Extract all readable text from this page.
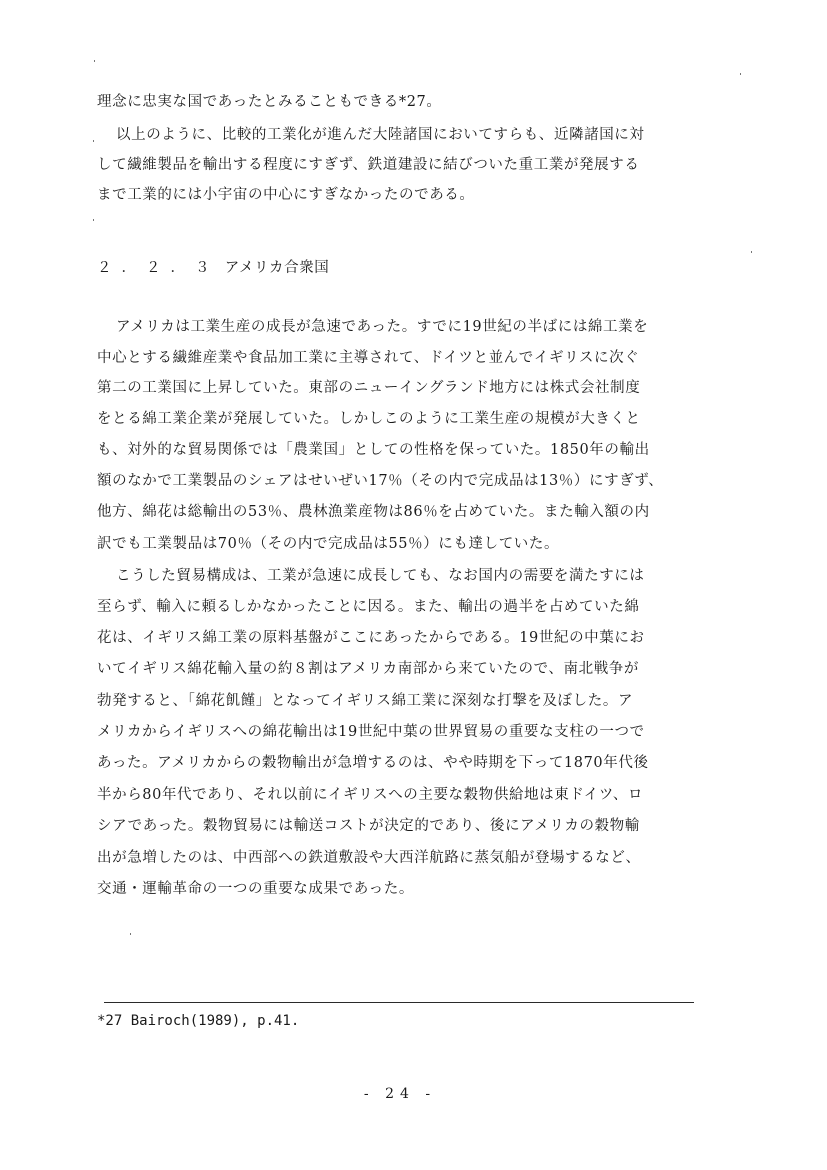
理念に忠実な国であったとみることもできる*27。
以上のように、比較的工業化が進んだ大陸諸国においてすらも、近隣諸国に対
して繊維製品を輸出する程度にすぎず、鉄道建設に結びついた重工業が発展する
まで工業的には小宇宙の中心にすぎなかったのである。
２．２．３ アメリカ合衆国
アメリカは工業生産の成長が急速であった。すでに19世紀の半ばには綿工業を
中心とする繊維産業や食品加工業に主導されて、ドイツと並んでイギリスに次ぐ
第二の工業国に上昇していた。東部のニューイングランド地方には株式会社制度
をとる綿工業企業が発展していた。しかしこのように工業生産の規模が大きくと
も、対外的な貿易関係では「農業国」としての性格を保っていた。1850年の輸出
額のなかで工業製品のシェアはせいぜい17％（その内で完成品は13％）にすぎず、
他方、綿花は総輸出の53％、農林漁業産物は86％を占めていた。また輸入額の内
訳でも工業製品は70％（その内で完成品は55％）にも達していた。
こうした貿易構成は、工業が急速に成長しても、なお国内の需要を満たすには
至らず、輸入に頼るしかなかったことに因る。また、輸出の過半を占めていた綿
花は、イギリス綿工業の原料基盤がここにあったからである。19世紀の中葉にお
いてイギリス綿花輸入量の約８割はアメリカ南部から来ていたので、南北戦争が
勃発すると、「綿花飢饉」となってイギリス綿工業に深刻な打撃を及ぼした。ア
メリカからイギリスへの綿花輸出は19世紀中葉の世界貿易の重要な支柱の一つで
あった。アメリカからの穀物輸出が急増するのは、やや時期を下って1870年代後
半から80年代であり、それ以前にイギリスへの主要な穀物供給地は東ドイツ、ロ
シアであった。穀物貿易には輸送コストが決定的であり、後にアメリカの穀物輸
出が急増したのは、中西部への鉄道敷設や大西洋航路に蒸気船が登場するなど、
交通・運輸革命の一つの重要な成果であった。
*27 Bairoch(1989), p.41.
- 24 -
